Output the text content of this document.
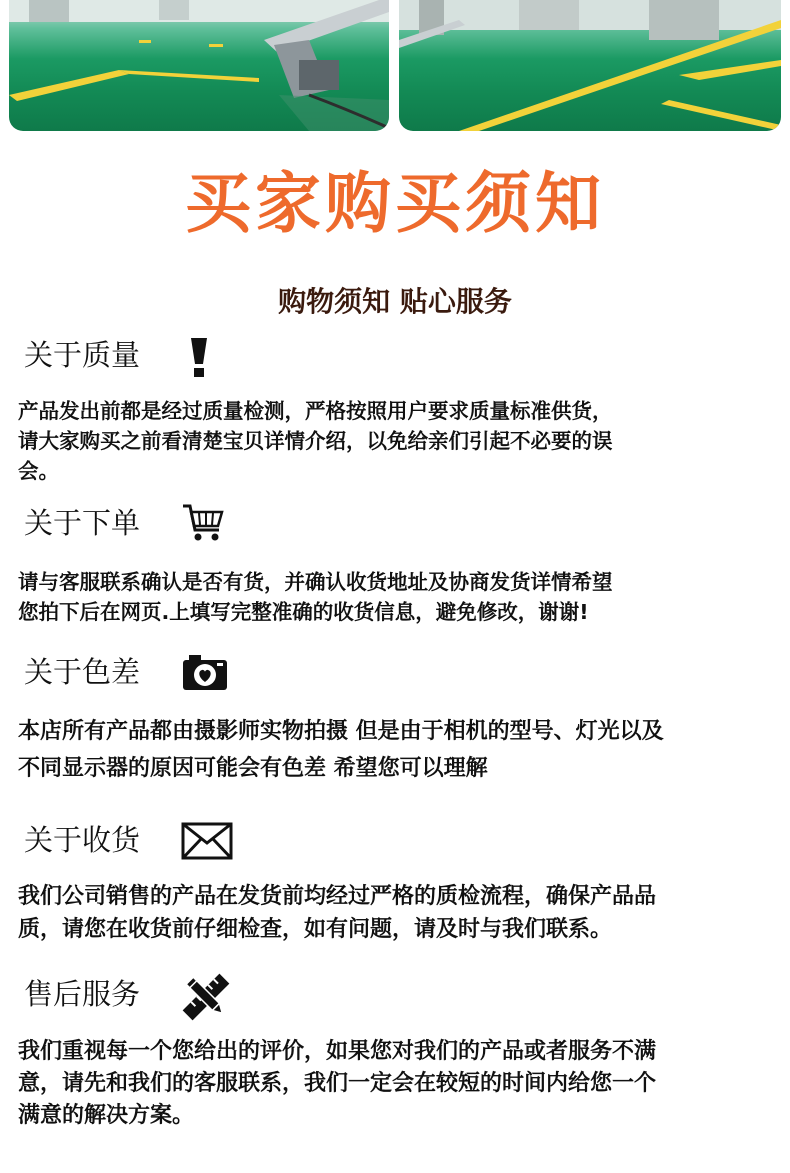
买家购买须知
购物须知 贴心服务
关于质量
产品发出前都是经过质量检测，严格按照用户要求质量标准供货，
请大家购买之前看清楚宝贝详情介绍，以免给亲们引起不必要的误
会。
关于下单
请与客服联系确认是否有货，并确认收货地址及协商发货详情希望
您拍下后在网页.上填写完整准确的收货信息，避免修改，谢谢!
关于色差
本店所有产品都由摄影师实物拍摄 但是由于相机的型号、灯光以及
不同显示器的原因可能会有色差 希望您可以理解
关于收货
我们公司销售的产品在发货前均经过严格的质检流程，确保产品品
质，请您在收货前仔细检查，如有问题，请及时与我们联系。
售后服务
我们重视每一个您给出的评价，如果您对我们的产品或者服务不满
意，请先和我们的客服联系，我们一定会在较短的时间内给您一个
满意的解决方案。
